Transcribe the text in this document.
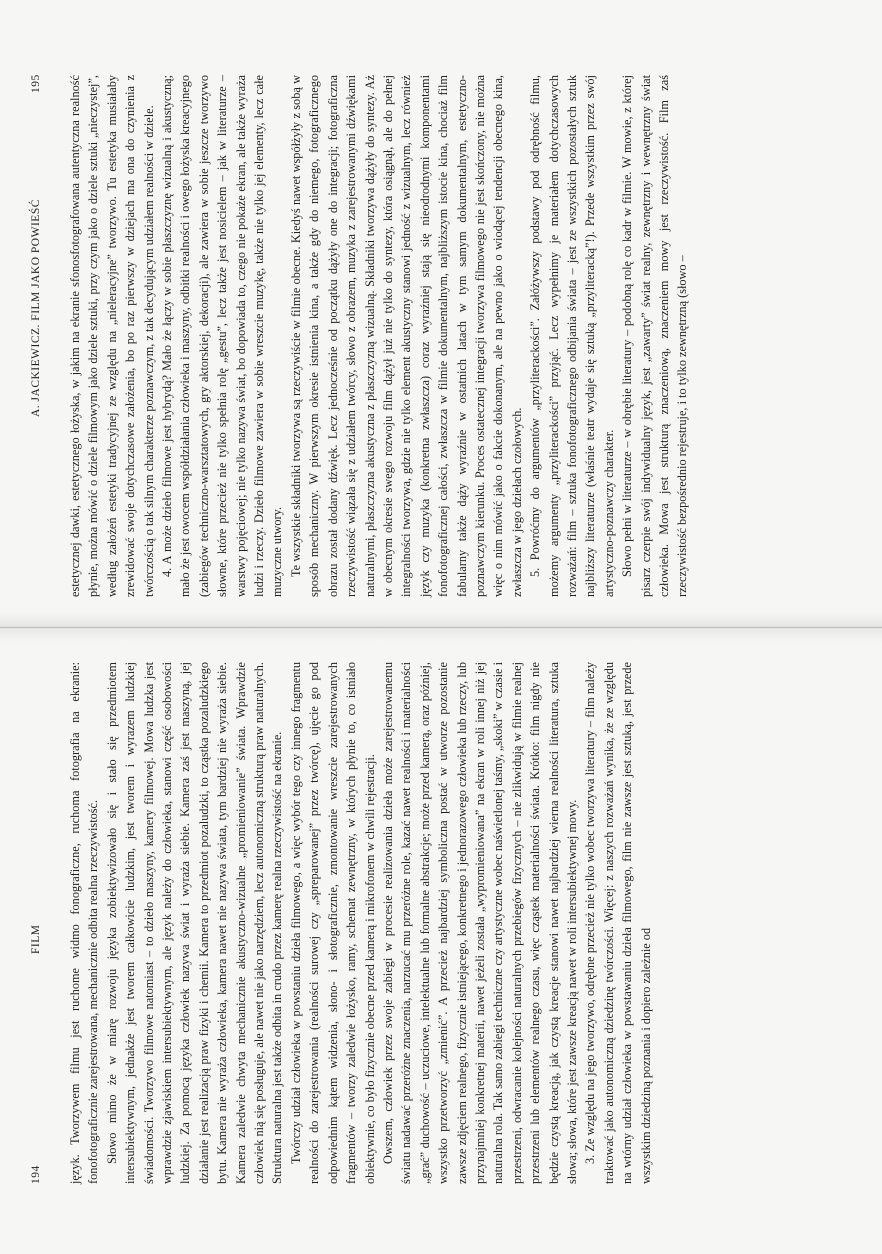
194
FILM język. Tworzywem filmu jest ruchome widmo fonograficzne, ruchoma fotografia na ekranie: fonofotograficznie zarejestrowana, mechanicznie odbita realna rzeczywistość. Słowo mimo że w miarę rozwoju języka zobiektywizowało się i stało się przedmiotem intersubiektywnym, jednakże jest tworem całkowicie ludzkim, jest tworem i wyrazem ludzkiej świadomości. Tworzywo filmowe natomiast – to dzieło maszyny, kamery filmowej. Mowa ludzka jest wprawdzie zjawiskiem intersubiektywnym, ale język należy do człowieka, stanowi część osobowości ludzkiej. Za pomocą języka człowiek nazywa świat i wyraża siebie. Kamera zaś jest maszyną, jej działanie jest realizacją praw fizyki i chemii. Kamera to przedmiot pozaludzki, to cząstka pozaludzkiego bytu. Kamera nie wyraża człowieka, kamera nawet nie nazywa świata, tym bardziej nie wyraża siebie. Kamera zaledwie chwyta mechanicznie akustyczno-wizualne „promieniowanie” świata. Wprawdzie człowiek nią się posługuje, ale nawet nie jako narzędziem, lecz autonomiczną strukturą praw naturalnych. Struktura naturalna jest także odbita in crudo przez kamerę realna rzeczywistość na ekranie. Twórczy udział człowieka w powstaniu dzieła filmowego, a więc wybór tego czy innego fragmentu realności do zarejestrowania (realności surowej czy „spreparowanej” przez twórcę), ujęcie go pod odpowiednim kątem widzenia, słono- i słotograficznie, zmontowanie wreszcie zarejestrowanych fragmentów – tworzy zaledwie łożysko, ramy, schemat zewnętrzny, w których płynie to, co istniało obiektywnie, co było fizycznie obecne przed kamerą i mikrofonem w chwili rejestracji. Owszem, człowiek przez swoje zabiegi w procesie realizowania dzieła może zarejestrowanemu światu nadawać przeróżne znaczenia, narzucać mu przeróżne role, kazać nawet realności i materialności „grać” duchowość – uczuciowe, intelektualne lub formalne abstrakcje; może przed kamerą, oraz później, wszystko przetworzyć „zmienić”. A przecież najbardziej symboliczna postać w utworze pozostanie zawsze zdjęciem realnego, fizycznie istniejącego, konkretnego i jednorazowego człowieka lub rzeczy, lub przynajmniej konkretnej materii, nawet jeżeli została „wypromieniowana” na ekran w roli innej niż jej naturalna rola. Tak samo zabiegi techniczne czy artystyczne wobec naświetlonej taśmy, „skoki” w czasie i przestrzeni, odwracanie kolejności naturalnych przebiegów fizycznych – nie zlikwidują w filmie realnej przestrzeni lub elementów realnego czasu, więc cząstek materialności świata. Krótko: film nigdy nie będzie czystą kreacją, jak czystą kreacje stanowi nawet najbardziej wierna realności literatura, sztuka słowa; słowa, które jest zawsze kreacją nawet w roli intersubiektywnej mowy. 3. Ze względu na jego tworzywo, odrębne przecież nie tylko wobec tworzywa literatury – film należy traktować jako autonomiczną dziedzinę twórczości. Więcej: z naszych rozważań wynika, że ze względu na wtórny udział człowieka w powstawaniu dzieła filmowego, film nie zawsze jest sztuką, jest przede wszystkim dziedziną poznania i dopiero zależnie od

A. JACKIEWICZ. FILM JAKO POWIEŚĆ
195 estetycznej dawki, estetycznego łożyska, w jakim na ekranie sfonosfotografowana autentyczna realność płynie, można mówić o dziele filmowym jako dziele sztuki, przy czym jako o dziele sztuki „nieczystej”, według założeń estetyki tradycyjnej ze względu na „nieleracyjne” tworzywo. Tu estetyka musiałaby zrewidować swoje dotychczasowe założenia, bo po raz pierwszy w dziejach ma ona do czynienia z twórczością o tak silnym charakterze poznawczym, z tak decydującym udziałem realności w dziele. 4. A może dzieło filmowe jest hybrydą? Mało że łączy w sobie płaszczyznę wizualną i akustyczną; mało że jest owocem współdziałania człowieka i maszyny, odbitki realności i owego łożyska kreacyjnego (zabiegów techniczno-warsztatowych, gry aktorskiej, dekoracji), ale zawiera w sobie jeszcze tworzywo słowne, które przecież nie tylko spełnia rolę „gestu”, lecz także jest nosicielem – jak w literaturze – warstwy pojęciowej; nie tylko nazywa świat, bo dopowiada to, czego nie pokaże ekran, ale także wyraża ludzi i rzeczy. Dzieło filmowe zawiera w sobie wreszcie muzykę, także nie tylko jej elementy, lecz całe muzyczne utwory. Te wszystkie składniki tworzywa są rzeczywiście w filmie obecne. Kiedyś nawet współżyły z sobą w sposób mechaniczny. W pierwszym okresie istnienia kina, a także gdy do niemego, fotograficznego obrazu został dodany dźwięk. Lecz jednocześnie od początku dążyły one do integracji; fotograficzna rzeczywistość wiązała się z udziałem twórcy, słowo z obrazem, muzyka z zarejestrowanymi dźwiękami naturalnymi, płaszczyzna akustyczna z płaszczyzną wizualną. Składniki tworzywa dążyły do syntezy. Aż w obecnym okresie swego rozwoju film dążył już nie tylko do syntezy, która osiągnął, ale do pełnej integralności tworzywa, gdzie nie tylko element akustyczny stanowi jedność z wizualnym, lecz również język czy muzyka (konkretna zwłaszcza) coraz wyraźniej stają się nieodrodnymi komponentami fonofotograficznej całości, zwłaszcza w filmie dokumentalnym, najbliższym istocie kina, chociaż film fabularny także dąży wyraźnie w ostatnich latach w tym samym dokumentalnym, estetyczno-poznawczym kierunku. Proces ostatecznej integracji tworzywa filmowego nie jest skończony, nie można więc o nim mówić jako o fakcie dokonanym, ale na pewno jako o wiodącej tendencji obecnego kina, zwłaszcza w jego dziełach czołowych. 5. Powróćmy do argumentów „przyliterackości”. Załóżywszy podstawy pod odrębność filmu, możemy argumenty „przyliterackości” przyjąć. Lecz wypełnimy je materiałem dotychczasowych rozważań: film – sztuka fonofotograficznego odbijania świata – jest ze wszystkich pozostałych sztuk najbliższy literaturze (właśnie teatr wydaje się sztuką „przyliteracką”!). Przede wszystkim przez swój artystyczno-poznawczy charakter. Słowo pełni w literaturze – w obrębie literatury – podobną rolę co kadr w filmie. W mowie, z której pisarz czerpie swój indywidualny język, jest „zawarty” świat realny, zewnętrzny i wewnętrzny świat człowieka. Mowa jest strukturą znaczeniową, znaczeniem mowy jest rzeczywistość. Film zaś rzeczywistość bezpośrednio rejestruje, i to tylko zewnętrzną (słowo –
